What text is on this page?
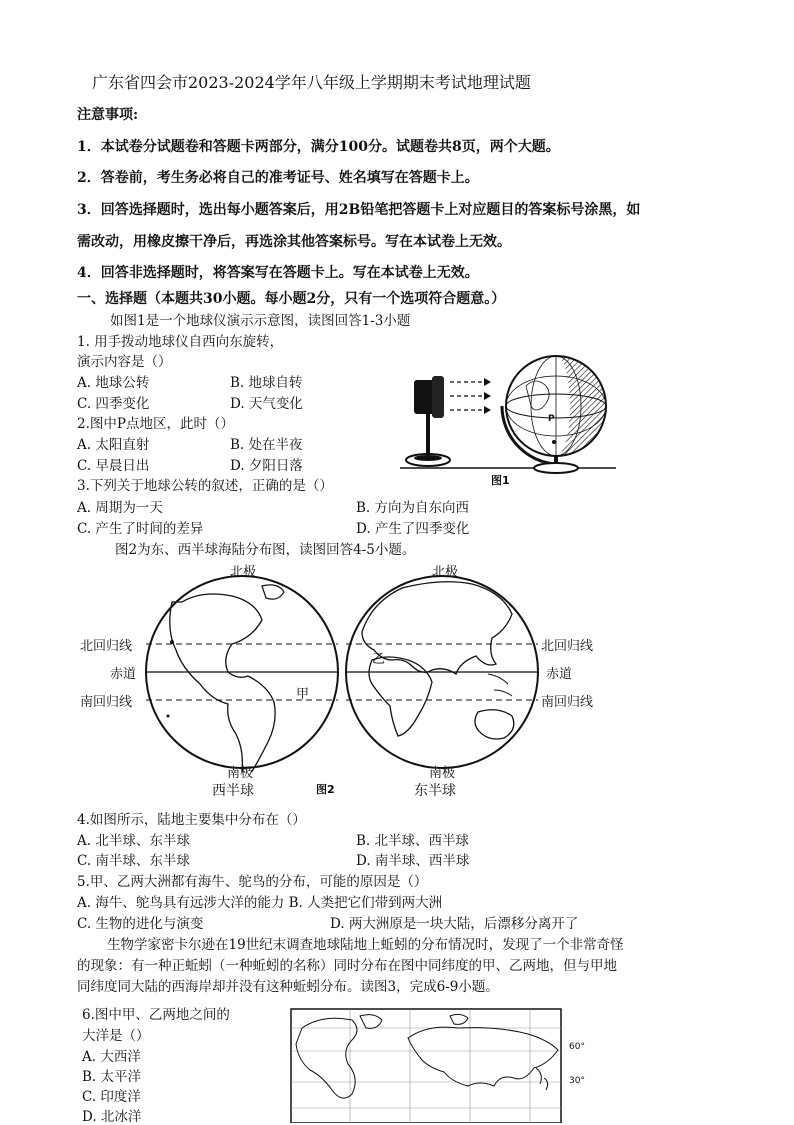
广东省四会市2023-2024学年八年级上学期期末考试地理试题
注意事项:
1．本试卷分试题卷和答题卡两部分，满分100分。试题卷共8页，两个大题。
2．答卷前，考生务必将自己的准考证号、姓名填写在答题卡上。
3．回答选择题时，选出每小题答案后，用2B铅笔把答题卡上对应题目的答案标号涂黑，如
需改动，用橡皮擦干净后，再选涂其他答案标号。写在本试卷上无效。
4．回答非选择题时，将答案写在答题卡上。写在本试卷上无效。
一、选择题（本题共30小题。每小题2分，只有一个选项符合题意。）
如图1是一个地球仪演示示意图，读图回答1-3小题
1. 用手拨动地球仪自西向东旋转，
演示内容是（）
A. 地球公转	B. 地球自转
C. 四季变化	D. 天气变化
2.图中P点地区，此时（）
A. 太阳直射	B. 处在半夜
C. 早晨日出	D. 夕阳日落
P
图1
3.下列关于地球公转的叙述，正确的是（）
A. 周期为一天	B. 方向为自东向西
C. 产生了时间的差异	D. 产生了四季变化
图2为东、西半球海陆分布图，读图回答4-5小题。
北极	北极
北回归线	北回归线
赤道	赤道
南回归线	南回归线
甲
乙
南极	南极
西半球	图2	东半球
4.如图所示，陆地主要集中分布在（）
A. 北半球、东半球	B. 北半球、西半球
C. 南半球、东半球	D. 南半球、西半球
5.甲、乙两大洲都有海牛、鸵鸟的分布，可能的原因是（）
A. 海牛、鸵鸟具有远涉大洋的能力 B. 人类把它们带到两大洲
C. 生物的进化与演变	D. 两大洲原是一块大陆，后漂移分离开了
生物学家密卡尔逊在19世纪末调查地球陆地上蚯蚓的分布情况时，发现了一个非常奇怪
的现象：有一种正蚯蚓（一种蚯蚓的名称）同时分布在图中同纬度的甲、乙两地，但与甲地
同纬度同大陆的西海岸却并没有这种蚯蚓分布。读图3，完成6-9小题。
6.图中甲、乙两地之间的
大洋是（）
A. 大西洋
B. 太平洋
C. 印度洋
D. 北冰洋
60°
30°
